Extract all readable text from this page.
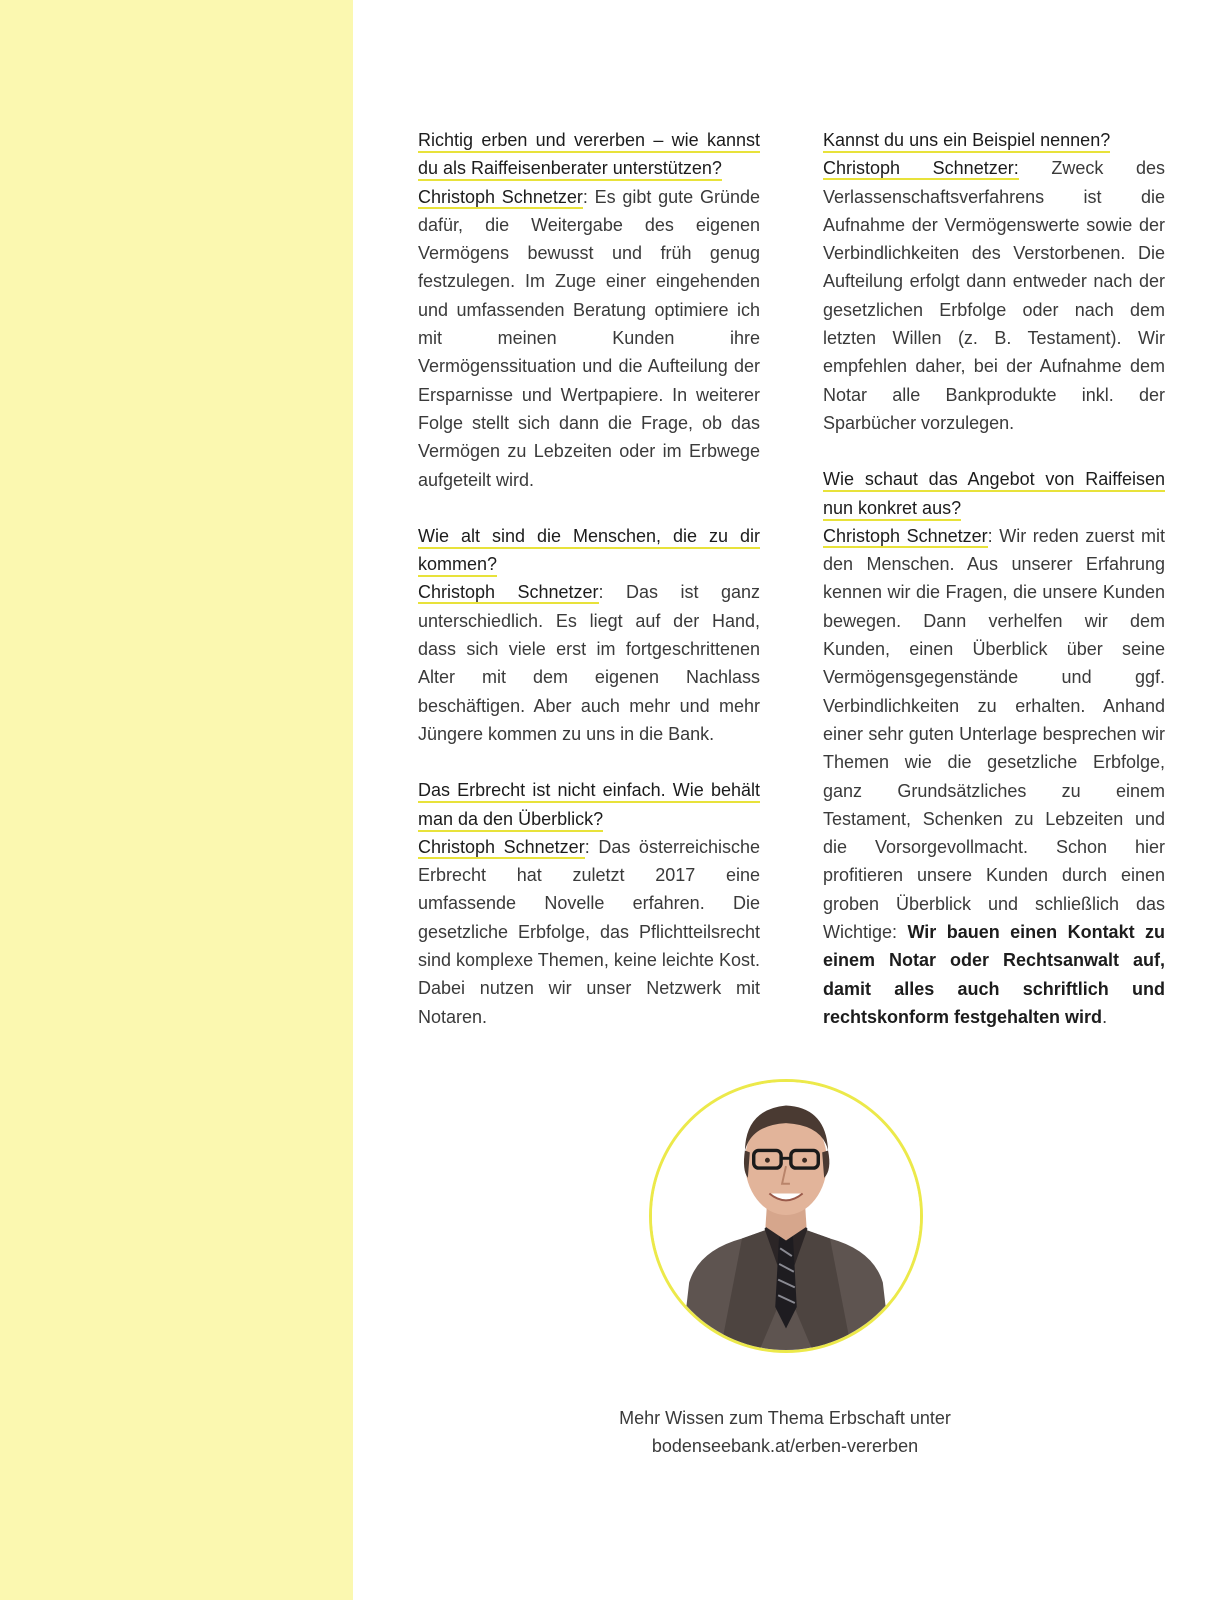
Richtig erben und vererben – wie kannst du als Raiffeisenberater unterstützen?

Christoph Schnetzer: Es gibt gute Gründe dafür, die Weitergabe des eigenen Vermögens bewusst und früh genug festzulegen. Im Zuge einer eingehenden und umfassenden Beratung optimiere ich mit meinen Kunden ihre Vermögenssituation und die Aufteilung der Ersparnisse und Wertpapiere. In weiterer Folge stellt sich dann die Frage, ob das Vermögen zu Lebzeiten oder im Erbwege aufgeteilt wird.

Wie alt sind die Menschen, die zu dir kommen?

Christoph Schnetzer: Das ist ganz unterschiedlich. Es liegt auf der Hand, dass sich viele erst im fortgeschrittenen Alter mit dem eigenen Nachlass beschäftigen. Aber auch mehr und mehr Jüngere kommen zu uns in die Bank.

Das Erbrecht ist nicht einfach. Wie behält man da den Überblick?

Christoph Schnetzer: Das österreichische Erbrecht hat zuletzt 2017 eine umfassende Novelle erfahren. Die gesetzliche Erbfolge, das Pflichtteilsrecht sind komplexe Themen, keine leichte Kost. Dabei nutzen wir unser Netzwerk mit Notaren.

Kannst du uns ein Beispiel nennen?

Christoph Schnetzer: Zweck des Verlassenschaftsverfahrens ist die Aufnahme der Vermögenswerte sowie der Verbindlichkeiten des Verstorbenen. Die Aufteilung erfolgt dann entweder nach der gesetzlichen Erbfolge oder nach dem letzten Willen (z. B. Testament). Wir empfehlen daher, bei der Aufnahme dem Notar alle Bankprodukte inkl. der Sparbücher vorzulegen.

Wie schaut das Angebot von Raiffeisen nun konkret aus?

Christoph Schnetzer: Wir reden zuerst mit den Menschen. Aus unserer Erfahrung kennen wir die Fragen, die unsere Kunden bewegen. Dann verhelfen wir dem Kunden, einen Überblick über seine Vermögensgegenstände und ggf. Verbindlichkeiten zu erhalten. Anhand einer sehr guten Unterlage besprechen wir Themen wie die gesetzliche Erbfolge, ganz Grundsätzliches zu einem Testament, Schenken zu Lebzeiten und die Vorsorgevollmacht. Schon hier profitieren unsere Kunden durch einen groben Überblick und schließlich das Wichtige: Wir bauen einen Kontakt zu einem Notar oder Rechtsanwalt auf, damit alles auch schriftlich und rechtskonform festgehalten wird.

Mehr Wissen zum Thema Erbschaft unter
bodenseebank.at/erben-vererben
